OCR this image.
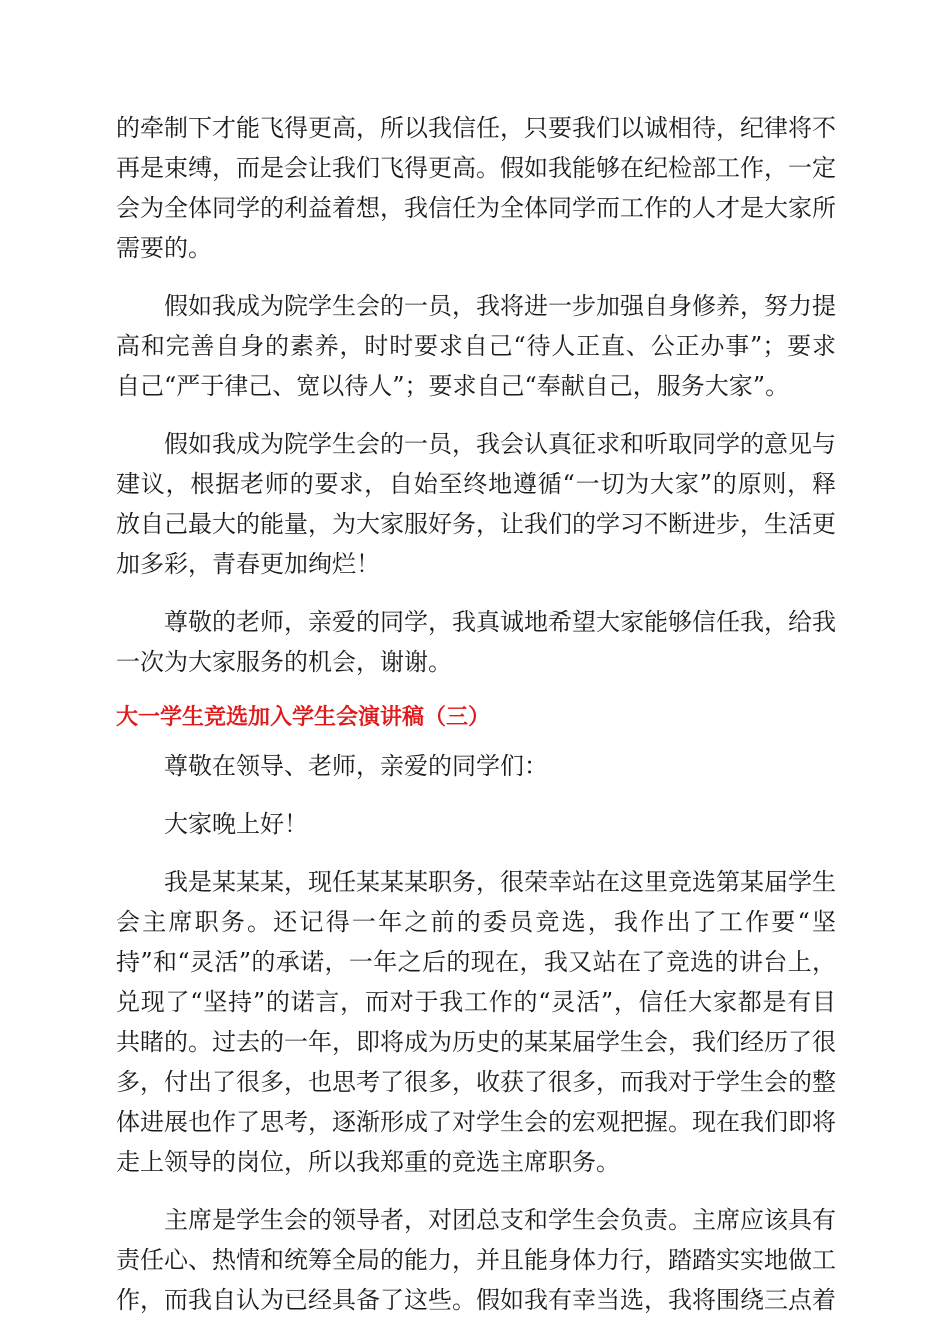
的牵制下才能飞得更高，所以我信任，只要我们以诚相待，纪律将不再是束缚，而是会让我们飞得更高。假如我能够在纪检部工作，一定会为全体同学的利益着想，我信任为全体同学而工作的人才是大家所需要的。

假如我成为院学生会的一员，我将进一步加强自身修养，努力提高和完善自身的素养，时时要求自己“待人正直、公正办事”；要求自己“严于律己、宽以待人”；要求自己“奉献自己，服务大家”。

假如我成为院学生会的一员，我会认真征求和听取同学的意见与建议，根据老师的要求，自始至终地遵循“一切为大家”的原则，释放自己最大的能量，为大家服好务，让我们的学习不断进步，生活更加多彩，青春更加绚烂！

尊敬的老师，亲爱的同学，我真诚地希望大家能够信任我，给我一次为大家服务的机会，谢谢。

大一学生竞选加入学生会演讲稿（三）

尊敬在领导、老师，亲爱的同学们：

大家晚上好！

我是某某某，现任某某某职务，很荣幸站在这里竞选第某届学生会主席职务。还记得一年之前的委员竞选，我作出了工作要“坚持”和“灵活”的承诺，一年之后的现在，我又站在了竞选的讲台上，兑现了“坚持”的诺言，而对于我工作的“灵活”，信任大家都是有目共睹的。过去的一年，即将成为历史的某某届学生会，我们经历了很多，付出了很多，也思考了很多，收获了很多，而我对于学生会的整体进展也作了思考，逐渐形成了对学生会的宏观把握。现在我们即将走上领导的岗位，所以我郑重的竞选主席职务。

主席是学生会的领导者，对团总支和学生会负责。主席应该具有责任心、热情和统筹全局的能力，并且能身体力行，踏踏实实地做工作，而我自认为已经具备了这些。假如我有幸当选，我将围绕三点着
